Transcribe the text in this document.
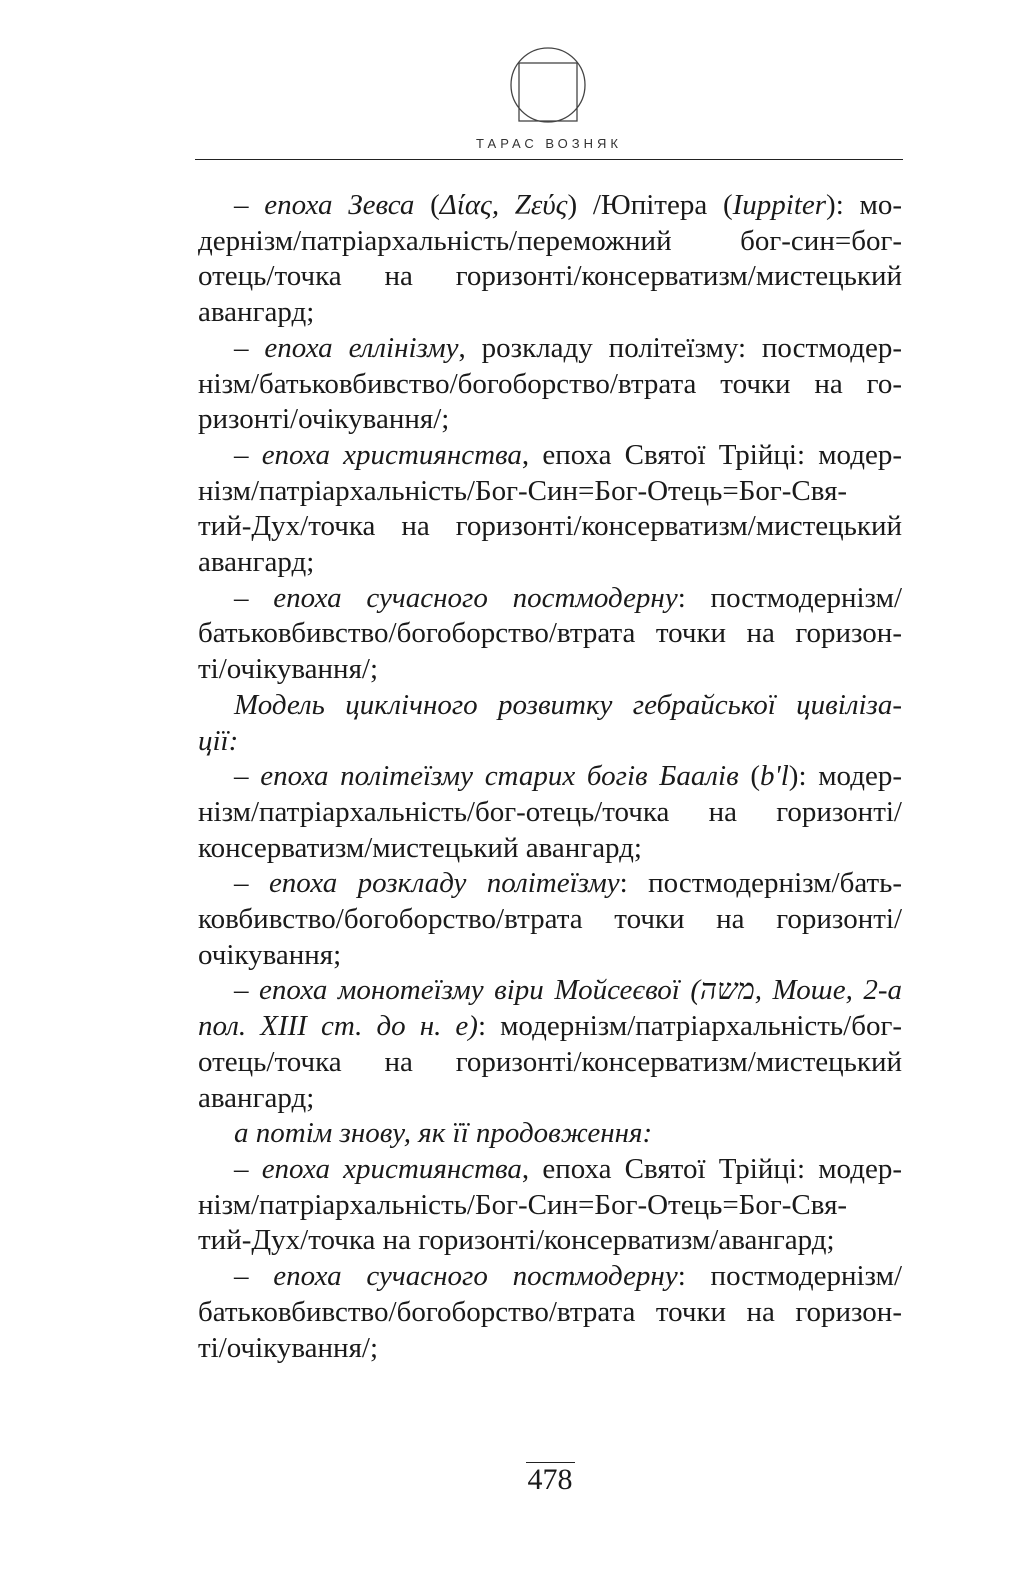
ТАРАС ВОЗНЯК
– епоха Зевса (Δίας, Ζεύς) /Юпітера (Iuppiter): мо-
дернізм/патріархальність/переможний бог-син=бог-
отець/точка на горизонті/консерватизм/мистецький
авангард;
– епоха еллінізму, розкладу політеїзму: постмодер-
нізм/батьковбивство/богоборство/втрата точки на го-
ризонті/очікування/;
– епоха християнства, епоха Святої Трійці: модер-
нізм/патріархальність/Бог-Син=Бог-Отець=Бог-Свя-
тий-Дух/точка на горизонті/консерватизм/мистецький
авангард;
– епоха сучасного постмодерну: постмодернізм/
батьковбивство/богоборство/втрата точки на горизон-
ті/очікування/;
Модель циклічного розвитку гебрайської цивіліза-
ції:
– епоха політеїзму старих богів Баалів (b'l): модер-
нізм/патріархальність/бог-отець/точка на горизонті/
консерватизм/мистецький авангард;
– епоха розкладу політеїзму: постмодернізм/бать-
ковбивство/богоборство/втрата точки на горизонті/
очікування;
– епоха монотеїзму віри Мойсеєвої (משה, Моше, 2-а
пол. XIII ст. до н. е): модернізм/патріархальність/бог-
отець/точка на горизонті/консерватизм/мистецький
авангард;
а потім знову, як її продовження:
– епоха християнства, епоха Святої Трійці: модер-
нізм/патріархальність/Бог-Син=Бог-Отець=Бог-Свя-
тий-Дух/точка на горизонті/консерватизм/авангард;
– епоха сучасного постмодерну: постмодернізм/
батьковбивство/богоборство/втрата точки на горизон-
ті/очікування/;
478
